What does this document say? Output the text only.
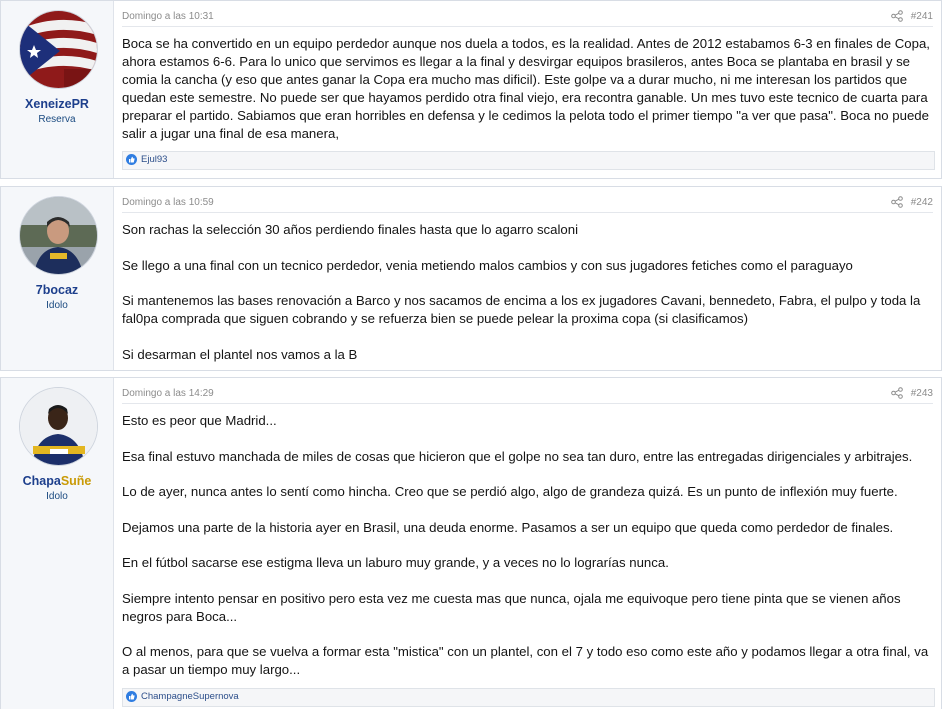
XeneizePR
Reserva
Domingo a las 10:31	#241

Boca se ha convertido en un equipo perdedor aunque nos duela a todos, es la realidad. Antes de 2012 estabamos 6-3 en finales de Copa, ahora estamos 6-6. Para lo unico que servimos es llegar a la final y desvirgar equipos brasileros, antes Boca se plantaba en brasil y se comia la cancha (y eso que antes ganar la Copa era mucho mas dificil). Este golpe va a durar mucho, ni me interesan los partidos que quedan este semestre. No puede ser que hayamos perdido otra final viejo, era recontra ganable. Un mes tuvo este tecnico de cuarta para preparar el partido. Sabiamos que eran horribles en defensa y le cedimos la pelota todo el primer tiempo "a ver que pasa". Boca no puede salir a jugar una final de esa manera,

Ejul93
7bocaz
Idolo
Domingo a las 10:59	#242

Son rachas la selección 30 años perdiendo finales hasta que lo agarro scaloni

Se llego a una final con un tecnico perdedor, venia metiendo malos cambios y con sus jugadores fetiches como el paraguayo

Si mantenemos las bases renovación a Barco y nos sacamos de encima a los ex jugadores Cavani, bennedeto, Fabra, el pulpo y toda la fal0pa comprada que siguen cobrando y se refuerza bien se puede pelear la proxima copa (si clasificamos)

Si desarman el plantel nos vamos a la B

ChapaSuñe
Idolo
Domingo a las 14:29	#243

Esto es peor que Madrid...

Esa final estuvo manchada de miles de cosas que hicieron que el golpe no sea tan duro, entre las entregadas dirigenciales y arbitrajes.

Lo de ayer, nunca antes lo sentí como hincha. Creo que se perdió algo, algo de grandeza quizá. Es un punto de inflexión muy fuerte.

Dejamos una parte de la historia ayer en Brasil, una deuda enorme. Pasamos a ser un equipo que queda como perdedor de finales.

En el fútbol sacarse ese estigma lleva un laburo muy grande, y a veces no lo lograrías nunca.

Siempre intento pensar en positivo pero esta vez me cuesta mas que nunca, ojala me equivoque pero tiene pinta que se vienen años negros para Boca...

O al menos, para que se vuelva a formar esta "mistica" con un plantel, con el 7 y todo eso como este año y podamos llegar a otra final, va a pasar un tiempo muy largo...

ChampagneSupernova
